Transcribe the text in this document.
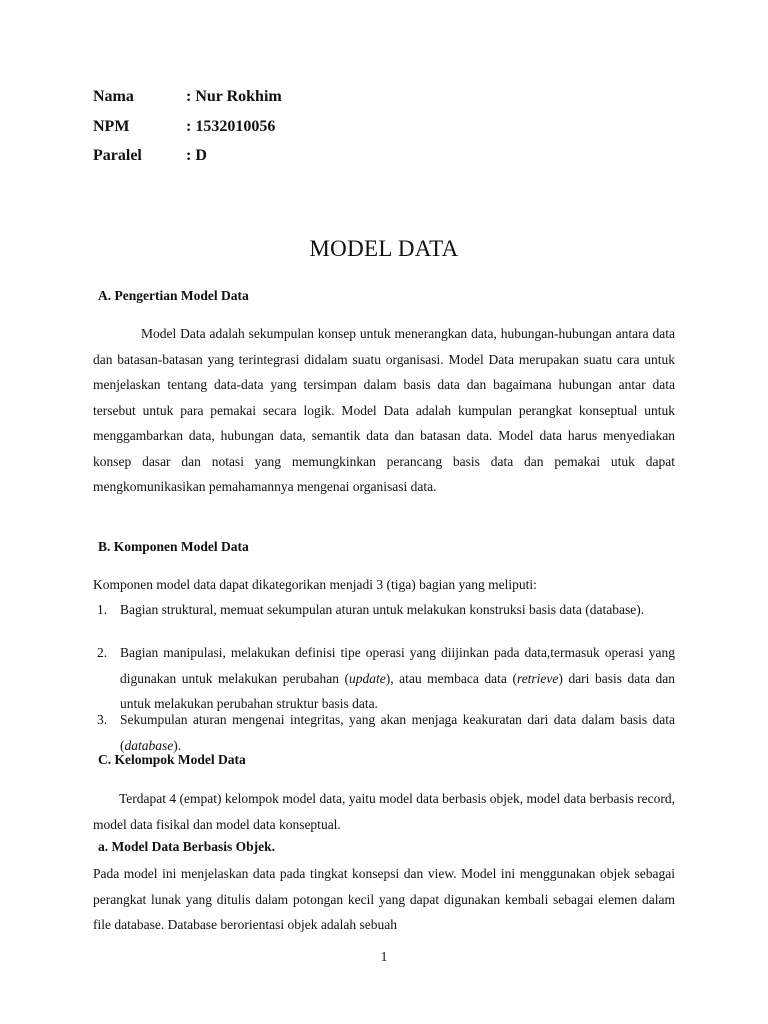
Nama	: Nur Rokhim
NPM	: 1532010056
Paralel	: D
MODEL DATA
A. Pengertian Model Data

Model Data adalah sekumpulan konsep untuk menerangkan data, hubungan-hubungan antara data dan batasan-batasan yang terintegrasi didalam suatu organisasi. Model Data merupakan suatu cara untuk menjelaskan tentang data-data yang tersimpan dalam basis data dan bagaimana hubungan antar data tersebut untuk para pemakai secara logik. Model Data adalah kumpulan perangkat konseptual untuk menggambarkan data, hubungan data, semantik data dan batasan data. Model data harus menyediakan konsep dasar dan notasi yang memungkinkan perancang basis data dan pemakai utuk dapat mengkomunikasikan pemahamannya mengenai organisasi data.

B. Komponen Model Data

Komponen model data dapat dikategorikan menjadi 3 (tiga) bagian yang meliputi:

1. Bagian struktural, memuat sekumpulan aturan untuk melakukan konstruksi basis data (database).
2. Bagian manipulasi, melakukan definisi tipe operasi yang diijinkan pada data,termasuk operasi yang digunakan untuk melakukan perubahan (update), atau membaca data (retrieve) dari basis data dan untuk melakukan perubahan struktur basis data.
3. Sekumpulan aturan mengenai integritas, yang akan menjaga keakuratan dari data dalam basis data (database).
C. Kelompok Model Data

Terdapat 4 (empat) kelompok model data, yaitu model data berbasis objek, model data berbasis record, model data fisikal dan model data konseptual.

a. Model Data Berbasis Objek.

Pada model ini menjelaskan data pada tingkat konsepsi dan view. Model ini menggunakan objek sebagai perangkat lunak yang ditulis dalam potongan kecil yang dapat digunakan kembali sebagai elemen dalam file database. Database berorientasi objek adalah sebuah

1
